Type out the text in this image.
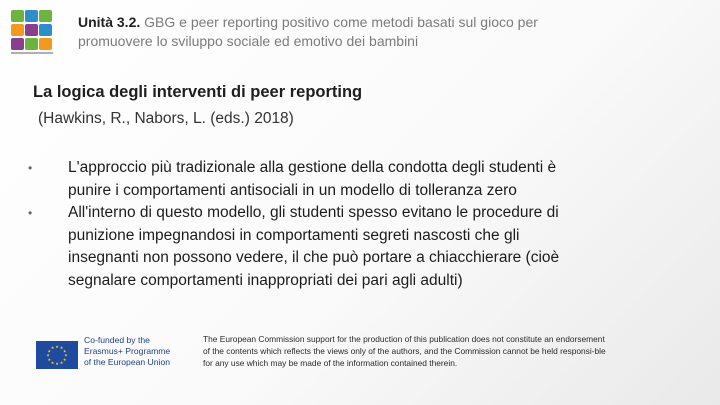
Unità 3.2. GBG e peer reporting positivo come metodi basati sul gioco per
promuovere lo sviluppo sociale ed emotivo dei bambini
La logica degli interventi di peer reporting
(Hawkins, R., Nabors, L. (eds.) 2018)
•	L'approccio più tradizionale alla gestione della condotta degli studenti è
punire i comportamenti antisociali in un modello di tolleranza zero
•	All'interno di questo modello, gli studenti spesso evitano le procedure di
punizione impegnandosi in comportamenti segreti nascosti che gli
insegnanti non possono vedere, il che può portare a chiacchierare (cioè
segnalare comportamenti inappropriati dei pari agli adulti)
★ ★
★
★
★
★
★
★
★
★
★
★
Co-funded by the
Erasmus+ Programme
of the European Union
The European Commission support for the production of this publication does not constitute an endorsement
of the contents which reflects the views only of the authors, and the Commission cannot be held responsi-ble
for any use which may be made of the information contained therein.
